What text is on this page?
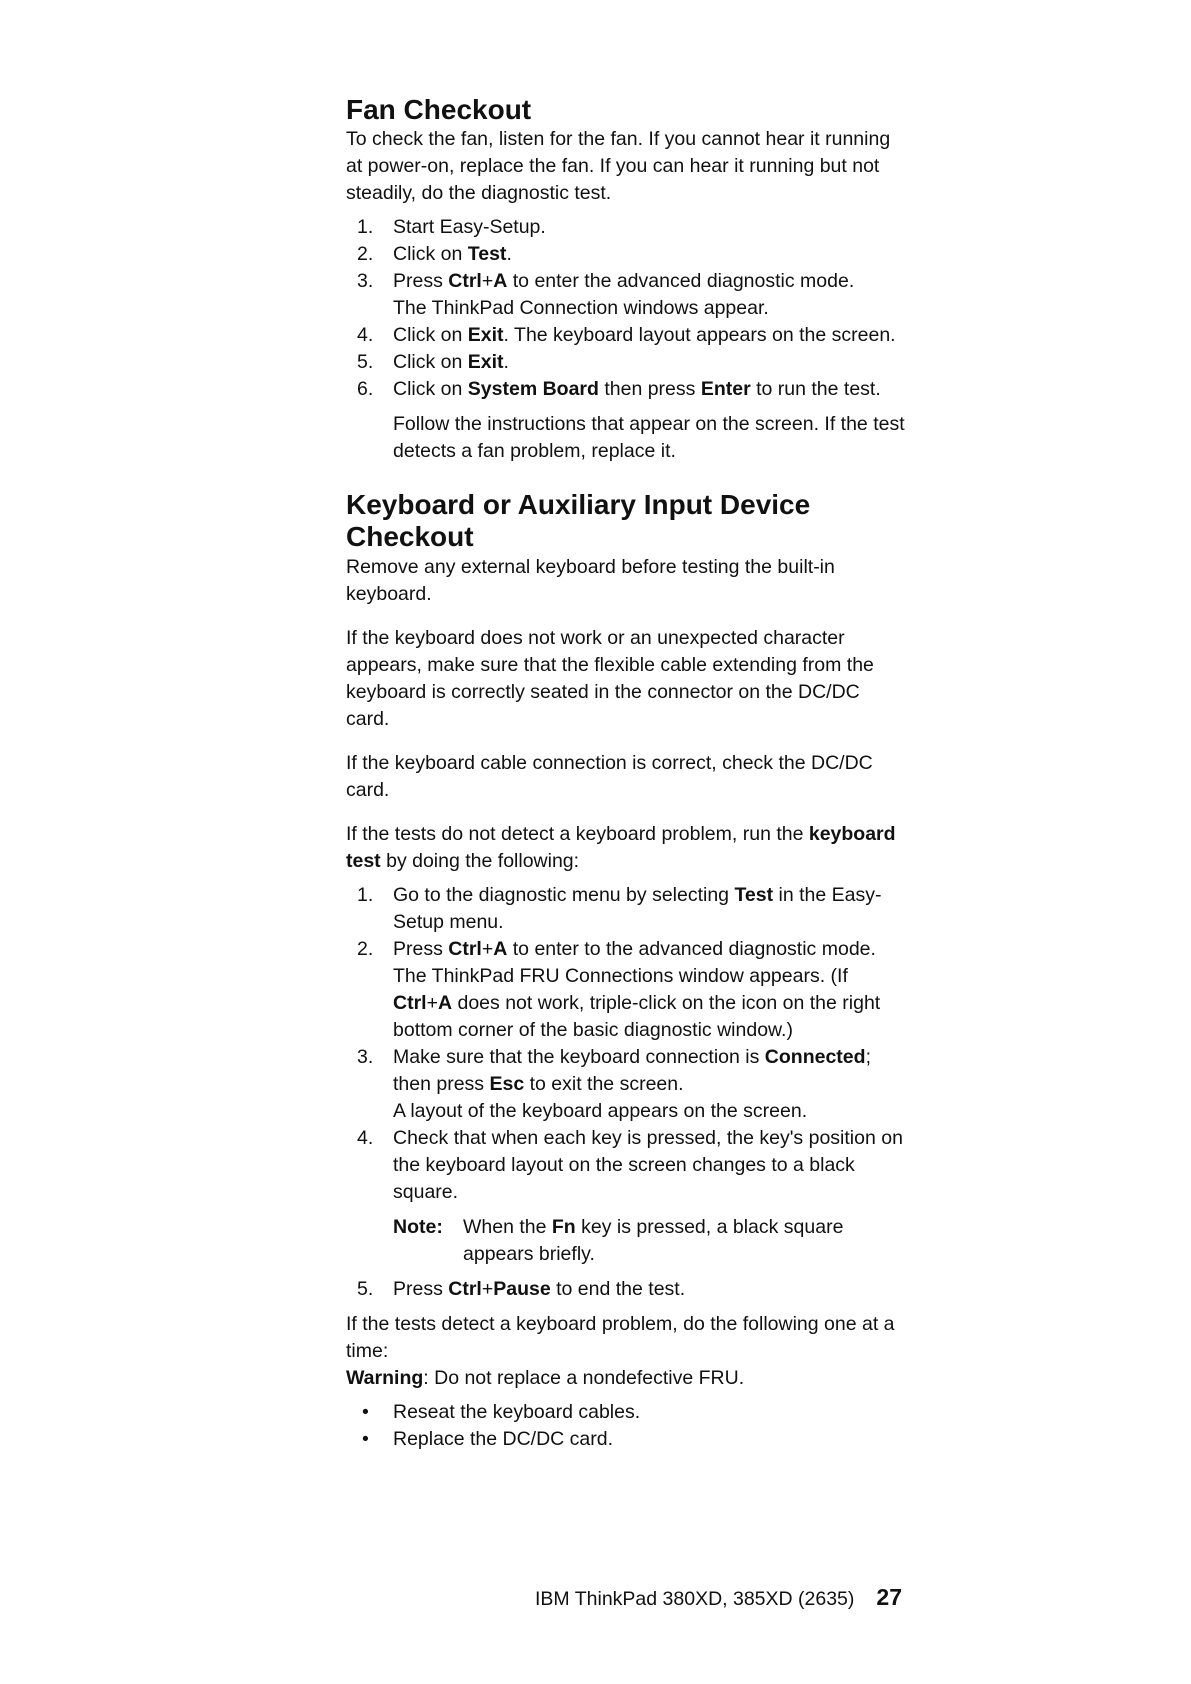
Fan Checkout

To check the fan, listen for the fan. If you cannot hear it running at power-on, replace the fan. If you can hear it running but not steadily, do the diagnostic test.

1.	Start Easy-Setup.
2.	Click on Test.
3.	Press Ctrl+A to enter the advanced diagnostic mode.
The ThinkPad Connection windows appear.
4.	Click on Exit. The keyboard layout appears on the screen.
5.	Click on Exit.
6.	Click on System Board then press Enter to run the test.
Follow the instructions that appear on the screen. If the test detects a fan problem, replace it.
Keyboard or Auxiliary Input Device
Checkout

Remove any external keyboard before testing the built-in keyboard.

If the keyboard does not work or an unexpected character appears, make sure that the flexible cable extending from the keyboard is correctly seated in the connector on the DC/DC card.

If the keyboard cable connection is correct, check the DC/DC card.

If the tests do not detect a keyboard problem, run the keyboard test by doing the following:

1.	Go to the diagnostic menu by selecting Test in the Easy-Setup menu.
2.	Press Ctrl+A to enter to the advanced diagnostic mode.
The ThinkPad FRU Connections window appears. (If Ctrl+A does not work, triple-click on the icon on the right bottom corner of the basic diagnostic window.)
3.	Make sure that the keyboard connection is Connected; then press Esc to exit the screen.
A layout of the keyboard appears on the screen.
4.	Check that when each key is pressed, the key's position on the keyboard layout on the screen changes to a black square.
Note:	When the Fn key is pressed, a black square appears briefly.
5.	Press Ctrl+Pause to end the test.

If the tests detect a keyboard problem, do the following one at a time:

Warning: Do not replace a nondefective FRU.

• Reseat the keyboard cables.
• Replace the DC/DC card.
IBM ThinkPad 380XD, 385XD (2635) 27
